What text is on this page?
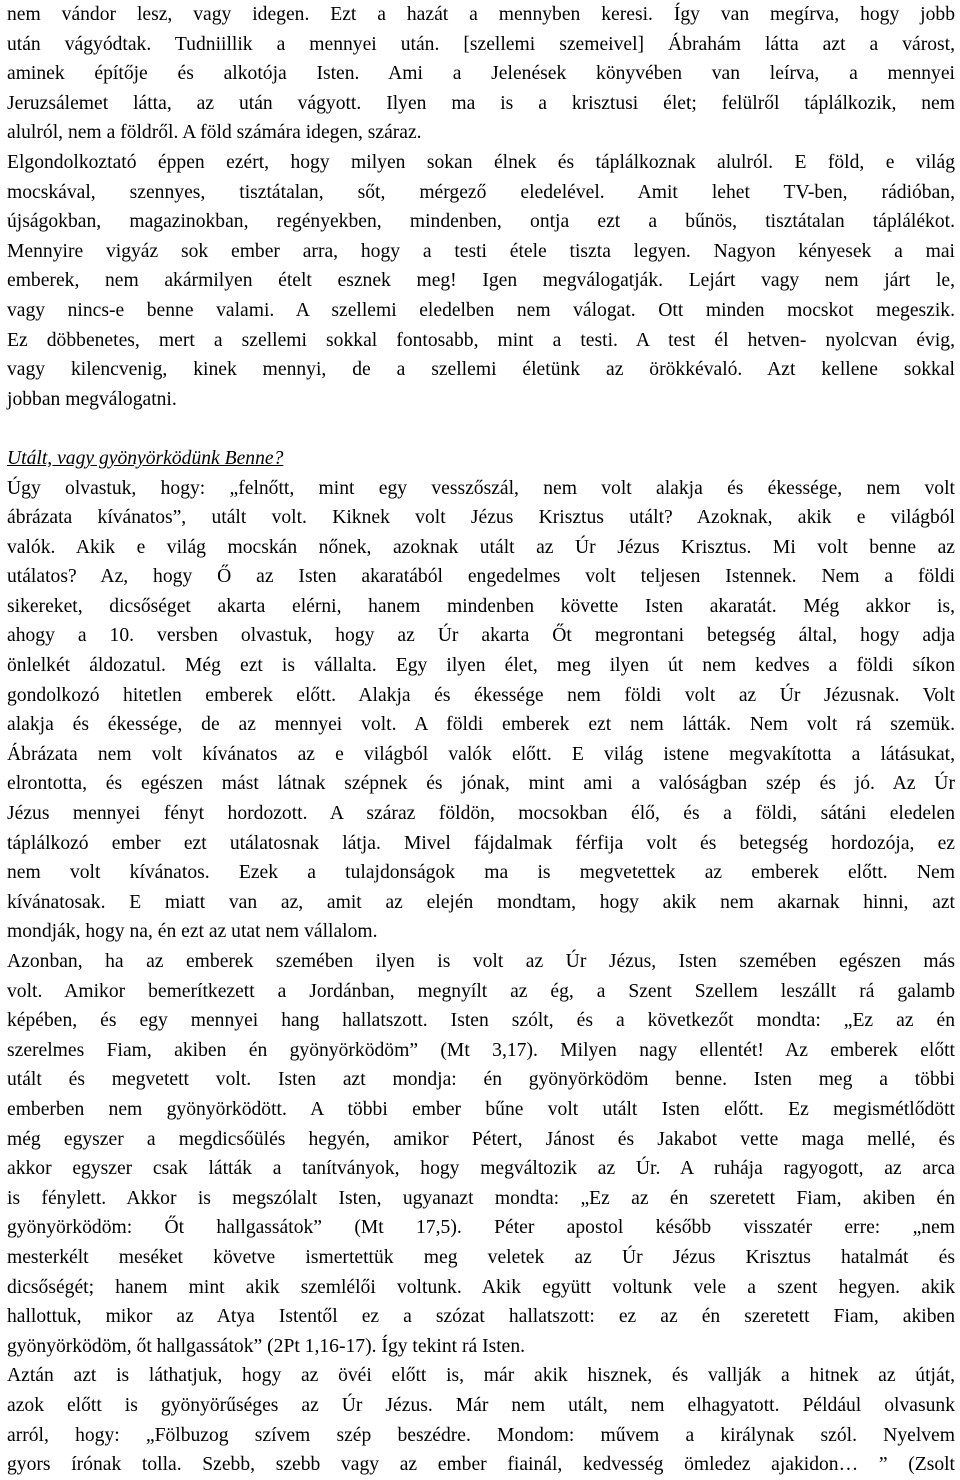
nem vándor lesz, vagy idegen. Ezt a hazát a mennyben keresi. Így van megírva, hogy jobb
után vágyódtak. Tudniillik a mennyei után. [szellemi szemeivel] Ábrahám látta azt a várost,
aminek építője és alkotója Isten. Ami a Jelenések könyvében van leírva, a mennyei
Jeruzsálemet látta, az után vágyott. Ilyen ma is a krisztusi élet; felülről táplálkozik, nem
alulról, nem a földről. A föld számára idegen, száraz.
Elgondolkoztató éppen ezért, hogy milyen sokan élnek és táplálkoznak alulról. E föld, e világ
mocskával, szennyes, tisztátalan, sőt, mérgező eledelével. Amit lehet TV-ben, rádióban,
újságokban, magazinokban, regényekben, mindenben, ontja ezt a bűnös, tisztátalan táplálékot.
Mennyire vigyáz sok ember arra, hogy a testi étele tiszta legyen. Nagyon kényesek a mai
emberek, nem akármilyen ételt esznek meg! Igen megválogatják. Lejárt vagy nem járt le,
vagy nincs-e benne valami. A szellemi eledelben nem válogat. Ott minden mocskot megeszik.
Ez döbbenetes, mert a szellemi sokkal fontosabb, mint a testi. A test él hetven- nyolcvan évig,
vagy kilencvenig, kinek mennyi, de a szellemi életünk az örökkévaló. Azt kellene sokkal
jobban megválogatni.
Utált, vagy gyönyörködünk Benne?
Úgy olvastuk, hogy: „felnőtt, mint egy vesszőszál, nem volt alakja és ékessége, nem volt
ábrázata kívánatos”, utált volt. Kiknek volt Jézus Krisztus utált? Azoknak, akik e világból
valók. Akik e világ mocskán nőnek, azoknak utált az Úr Jézus Krisztus. Mi volt benne az
utálatos? Az, hogy Ő az Isten akaratából engedelmes volt teljesen Istennek. Nem a földi
sikereket, dicsőséget akarta elérni, hanem mindenben követte Isten akaratát. Még akkor is,
ahogy a 10. versben olvastuk, hogy az Úr akarta Őt megrontani betegség által, hogy adja
önlelkét áldozatul. Még ezt is vállalta. Egy ilyen élet, meg ilyen út nem kedves a földi síkon
gondolkozó hitetlen emberek előtt. Alakja és ékessége nem földi volt az Úr Jézusnak. Volt
alakja és ékessége, de az mennyei volt. A földi emberek ezt nem látták. Nem volt rá szemük.
Ábrázata nem volt kívánatos az e világból valók előtt. E világ istene megvakította a látásukat,
elrontotta, és egészen mást látnak szépnek és jónak, mint ami a valóságban szép és jó. Az Úr
Jézus mennyei fényt hordozott. A száraz földön, mocsokban élő, és a földi, sátáni eledelen
táplálkozó ember ezt utálatosnak látja. Mivel fájdalmak férfija volt és betegség hordozója, ez
nem volt kívánatos. Ezek a tulajdonságok ma is megvetettek az emberek előtt. Nem
kívánatosak. E miatt van az, amit az elején mondtam, hogy akik nem akarnak hinni, azt
mondják, hogy na, én ezt az utat nem vállalom.
Azonban, ha az emberek szemében ilyen is volt az Úr Jézus, Isten szemében egészen más
volt. Amikor bemerítkezett a Jordánban, megnyílt az ég, a Szent Szellem leszállt rá galamb
képében, és egy mennyei hang hallatszott. Isten szólt, és a következőt mondta: „Ez az én
szerelmes Fiam, akiben én gyönyörködöm” (Mt 3,17). Milyen nagy ellentét! Az emberek előtt
utált és megvetett volt. Isten azt mondja: én gyönyörködöm benne. Isten meg a többi
emberben nem gyönyörködött. A többi ember bűne volt utált Isten előtt. Ez megismétlődött
még egyszer a megdicsőülés hegyén, amikor Pétert, Jánost és Jakabot vette maga mellé, és
akkor egyszer csak látták a tanítványok, hogy megváltozik az Úr. A ruhája ragyogott, az arca
is fénylett. Akkor is megszólalt Isten, ugyanazt mondta: „Ez az én szeretett Fiam, akiben én
gyönyörködöm: Őt hallgassátok” (Mt 17,5). Péter apostol később visszatér erre: „nem
mesterkélt meséket követve ismertettük meg veletek az Úr Jézus Krisztus hatalmát és
dicsőségét; hanem mint akik szemlélői voltunk. Akik együtt voltunk vele a szent hegyen. akik
hallottuk, mikor az Atya Istentől ez a szózat hallatszott: ez az én szeretett Fiam, akiben
gyönyörködöm, őt hallgassátok” (2Pt 1,16-17). Így tekint rá Isten.
Aztán azt is láthatjuk, hogy az övéi előtt is, már akik hisznek, és vallják a hitnek az útját,
azok előtt is gyönyörűséges az Úr Jézus. Már nem utált, nem elhagyatott. Például olvasunk
arról, hogy: „Fölbuzog szívem szép beszédre. Mondom: művem a királynak szól. Nyelvem
gyors írónak tolla. Szebb, szebb vagy az ember fiainál, kedvesség ömledez ajakidon… ” (Zsolt
